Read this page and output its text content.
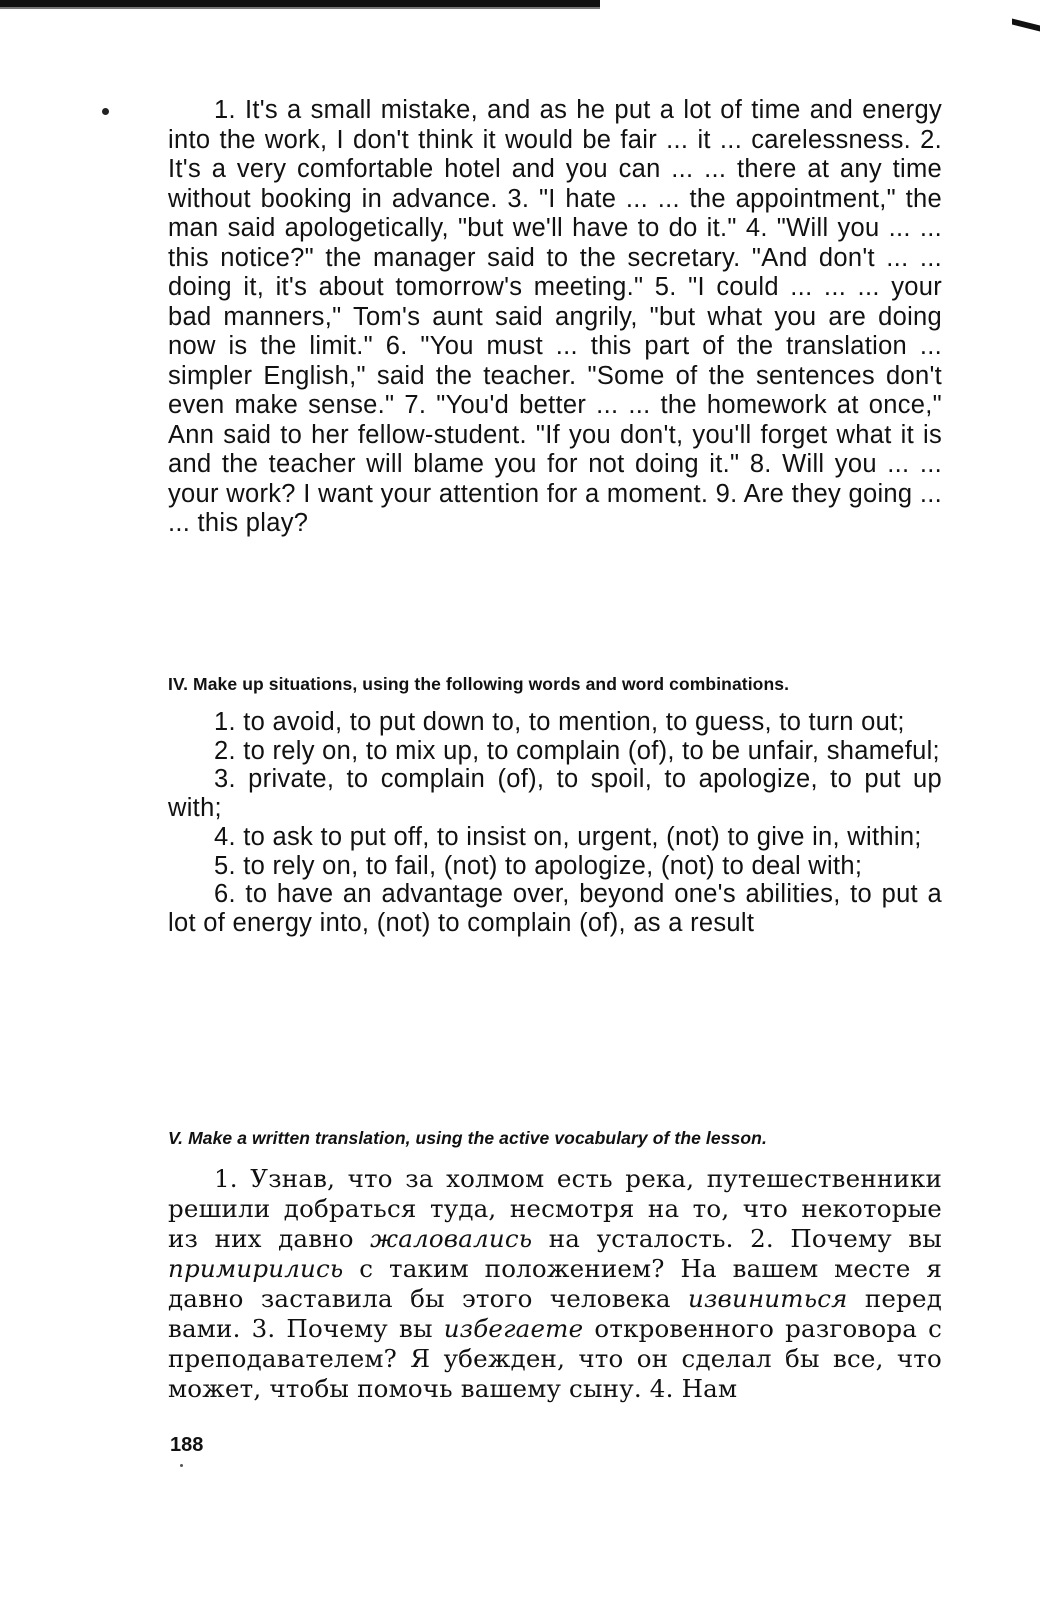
1. It's a small mistake, and as he put a lot of time and energy into the work, I don't think it would be fair ... it ... carelessness. 2. It's a very comfortable hotel and you can ... ... there at any time without booking in advance. 3. "I hate ... ... the appointment," the man said apologetically, "but we'll have to do it." 4. "Will you ... ... this notice?" the manager said to the secretary. "And don't ... ... doing it, it's about tomorrow's meeting." 5. "I could ... ... ... your bad manners," Tom's aunt said angrily, "but what you are doing now is the limit." 6. "You must ... this part of the translation ... simpler English," said the teacher. "Some of the sentences don't even make sense." 7. "You'd better ... ... the homework at once," Ann said to her fellow-student. "If you don't, you'll forget what it is and the teacher will blame you for not doing it." 8. Will you ... ... your work? I want your attention for a moment. 9. Are they going ... ... this play?

IV. Make up situations, using the following words and word combinations.

1. to avoid, to put down to, to mention, to guess, to turn out;

2. to rely on, to mix up, to complain (of), to be unfair, shameful;

3. private, to complain (of), to spoil, to apologize, to put up with;

4. to ask to put off, to insist on, urgent, (not) to give in, within;

5. to rely on, to fail, (not) to apologize, (not) to deal with;

6. to have an advantage over, beyond one's abilities, to put a lot of energy into, (not) to complain (of), as a result

V. Make a written translation, using the active vocabulary of the lesson.

1. Узнав, что за холмом есть река, путешественники решили добраться туда, несмотря на то, что некоторые из них давно жаловались на усталость. 2. Почему вы примирились с таким положением? На вашем месте я давно заставила бы этого человека извиниться перед вами. 3. Почему вы избегаете откровенного разговора с преподавателем? Я убежден, что он сделал бы все, что может, чтобы помочь вашему сыну. 4. Нам

188
